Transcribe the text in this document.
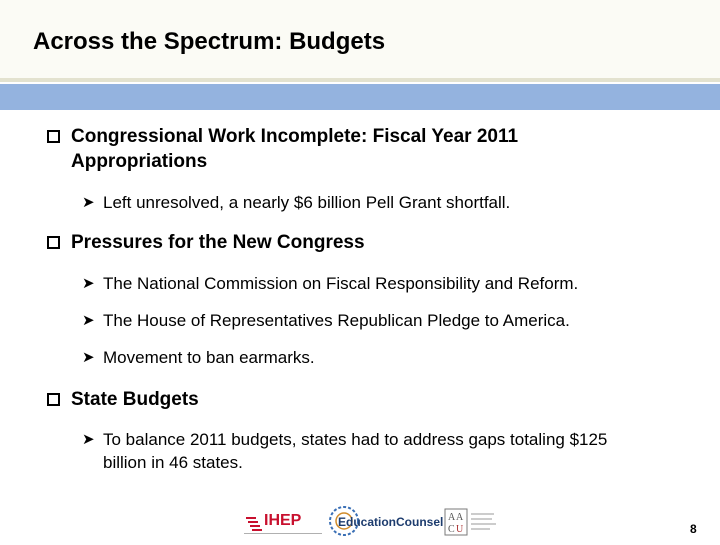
Across the Spectrum: Budgets
Congressional Work Incomplete: Fiscal Year 2011 Appropriations
➤ Left unresolved, a nearly $6 billion Pell Grant shortfall.
Pressures for the New Congress
➤ The National Commission on Fiscal Responsibility and Reform.
➤ The House of Representatives Republican Pledge to America.
➤ Movement to ban earmarks.
State Budgets
➤ To balance 2011 budgets, states had to address gaps totaling $125 billion in 46 states.
IHEP	EducationCounsel A A
C U	8
